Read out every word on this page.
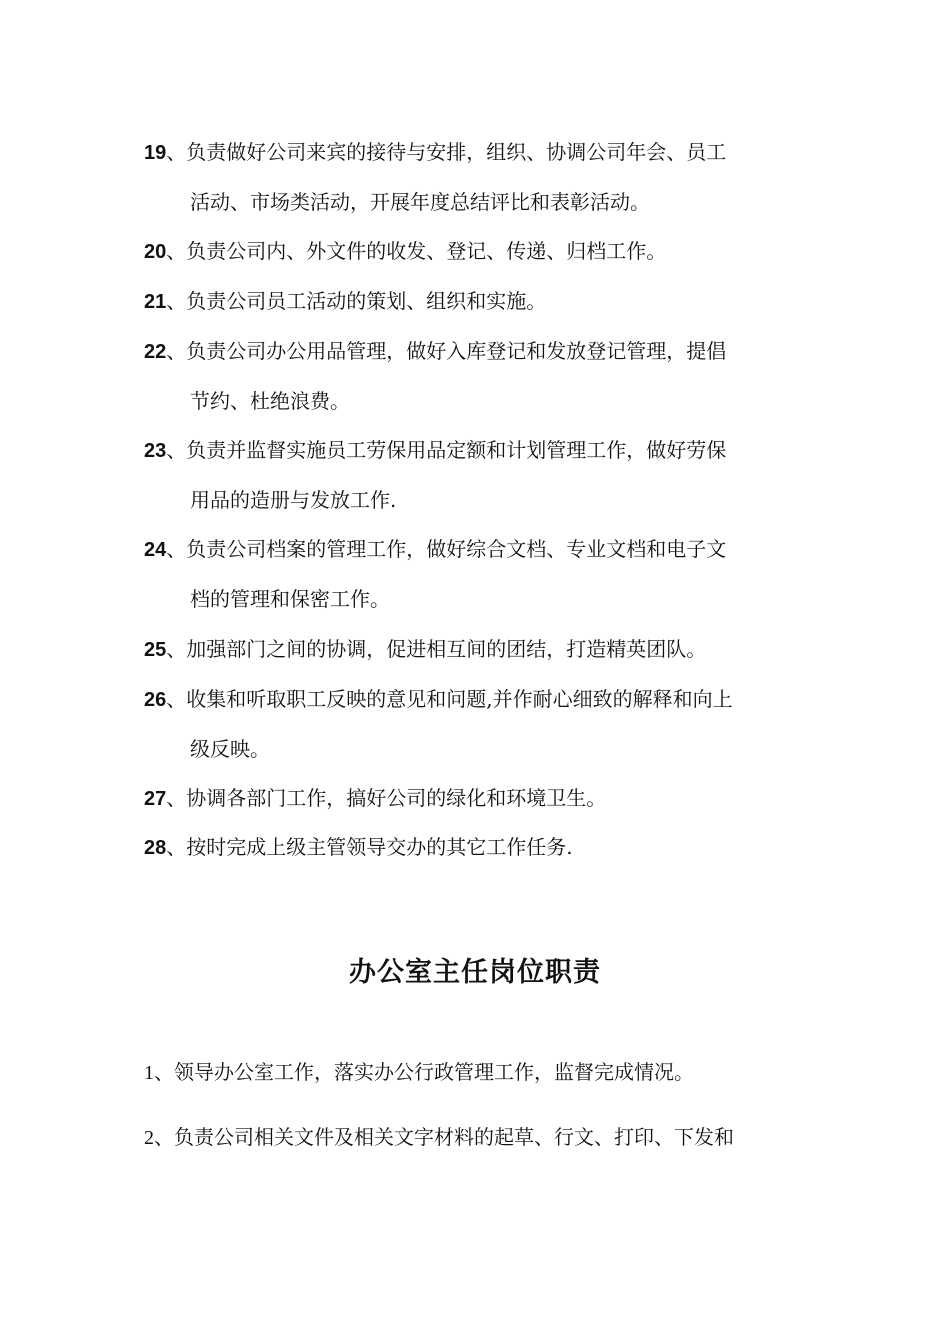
19、负责做好公司来宾的接待与安排，组织、协调公司年会、员工
活动、市场类活动，开展年度总结评比和表彰活动。
20、负责公司内、外文件的收发、登记、传递、归档工作。
21、负责公司员工活动的策划、组织和实施。
22、负责公司办公用品管理，做好入库登记和发放登记管理，提倡
节约、杜绝浪费。
23、负责并监督实施员工劳保用品定额和计划管理工作，做好劳保
用品的造册与发放工作.
24、负责公司档案的管理工作，做好综合文档、专业文档和电子文
档的管理和保密工作。
25、加强部门之间的协调，促进相互间的团结，打造精英团队。
26、收集和听取职工反映的意见和问题,并作耐心细致的解释和向上
级反映。
27、协调各部门工作，搞好公司的绿化和环境卫生。
28、按时完成上级主管领导交办的其它工作任务.
办公室主任岗位职责
1、领导办公室工作，落实办公行政管理工作，监督完成情况。
2、负责公司相关文件及相关文字材料的起草、行文、打印、下发和
